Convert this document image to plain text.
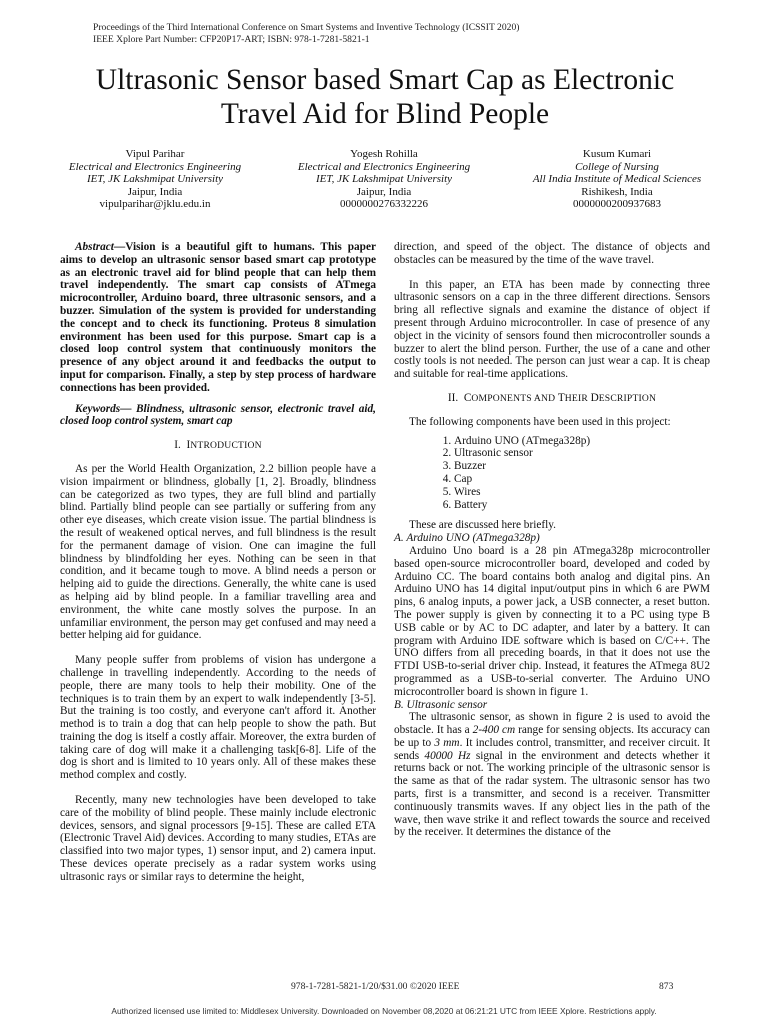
Proceedings of the Third International Conference on Smart Systems and Inventive Technology (ICSSIT 2020)
IEEE Xplore Part Number: CFP20P17-ART; ISBN: 978-1-7281-5821-1
Ultrasonic Sensor based Smart Cap as Electronic
Travel Aid for Blind People
Vipul Parihar
Electrical and Electronics Engineering
IET, JK Lakshmipat University
Jaipur, India
vipulparihar@jklu.edu.in
Yogesh Rohilla
Electrical and Electronics Engineering
IET, JK Lakshmipat University
Jaipur, India
0000000276332226
Kusum Kumari
College of Nursing
All India Institute of Medical Sciences
Rishikesh, India
0000000200937683

Abstract—Vision is a beautiful gift to humans. This paper aims to develop an ultrasonic sensor based smart cap prototype as an electronic travel aid for blind people that can help them travel independently. The smart cap consists of ATmega microcontroller, Arduino board, three ultrasonic sensors, and a buzzer. Simulation of the system is provided for understanding the concept and to check its functioning. Proteus 8 simulation environment has been used for this purpose. Smart cap is a closed loop control system that continuously monitors the presence of any object around it and feedbacks the output to input for comparison. Finally, a step by step process of hardware connections has been provided.

Keywords— Blindness, ultrasonic sensor, electronic travel aid, closed loop control system, smart cap

I. INTRODUCTION

As per the World Health Organization, 2.2 billion people have a vision impairment or blindness, globally [1, 2]. Broadly, blindness can be categorized as two types, they are full blind and partially blind. Partially blind people can see partially or suffering from any other eye diseases, which create vision issue. The partial blindness is the result of weakened optical nerves, and full blindness is the result for the permanent damage of vision. One can imagine the full blindness by blindfolding her eyes. Nothing can be seen in that condition, and it became tough to move. A blind needs a person or helping aid to guide the directions. Generally, the white cane is used as helping aid by blind people. In a familiar travelling area and environment, the white cane mostly solves the purpose. In an unfamiliar environment, the person may get confused and may need a better helping aid for guidance.

Many people suffer from problems of vision has undergone a challenge in travelling independently. According to the needs of people, there are many tools to help their mobility. One of the techniques is to train them by an expert to walk independently [3-5]. But the training is too costly, and everyone can't afford it. Another method is to train a dog that can help people to show the path. But training the dog is itself a costly affair. Moreover, the extra burden of taking care of dog will make it a challenging task[6-8]. Life of the dog is short and is limited to 10 years only. All of these makes these method complex and costly.

Recently, many new technologies have been developed to take care of the mobility of blind people. These mainly include electronic devices, sensors, and signal processors [9-15]. These are called ETA (Electronic Travel Aid) devices. According to many studies, ETAs are classified into two major types, 1) sensor input, and 2) camera input. These devices operate precisely as a radar system works using ultrasonic rays or similar rays to determine the height,

direction, and speed of the object. The distance of objects and obstacles can be measured by the time of the wave travel.

In this paper, an ETA has been made by connecting three ultrasonic sensors on a cap in the three different directions. Sensors bring all reflective signals and examine the distance of object if present through Arduino microcontroller. In case of presence of any object in the vicinity of sensors found then microcontroller sounds a buzzer to alert the blind person. Further, the use of a cane and other costly tools is not needed. The person can just wear a cap. It is cheap and suitable for real-time applications.

II. COMPONENTS AND THEIR DESCRIPTION

The following components have been used in this project:

1. Arduino UNO (ATmega328p)
2. Ultrasonic sensor
3. Buzzer
4. Cap
5. Wires
6. Battery

These are discussed here briefly.

A. Arduino UNO (ATmega328p)

Arduino Uno board is a 28 pin ATmega328p microcontroller based open-source microcontroller board, developed and coded by Arduino CC. The board contains both analog and digital pins. An Arduino UNO has 14 digital input/output pins in which 6 are PWM pins, 6 analog inputs, a power jack, a USB connecter, a reset button. The power supply is given by connecting it to a PC using type B USB cable or by AC to DC adapter, and later by a battery. It can program with Arduino IDE software which is based on C/C++. The UNO differs from all preceding boards, in that it does not use the FTDI USB-to-serial driver chip. Instead, it features the ATmega 8U2 programmed as a USB-to-serial converter. The Arduino UNO microcontroller board is shown in figure 1.

B. Ultrasonic sensor

The ultrasonic sensor, as shown in figure 2 is used to avoid the obstacle. It has a 2-400 cm range for sensing objects. Its accuracy can be up to 3 mm. It includes control, transmitter, and receiver circuit. It sends 40000 Hz signal in the environment and detects whether it returns back or not. The working principle of the ultrasonic sensor is the same as that of the radar system. The ultrasonic sensor has two parts, first is a transmitter, and second is a receiver. Transmitter continuously transmits waves. If any object lies in the path of the wave, then wave strike it and reflect towards the source and received by the receiver. It determines the distance of the

978-1-7281-5821-1/20/$31.00 ©2020 IEEE	873
Authorized licensed use limited to: Middlesex University. Downloaded on November 08,2020 at 06:21:21 UTC from IEEE Xplore. Restrictions apply.
